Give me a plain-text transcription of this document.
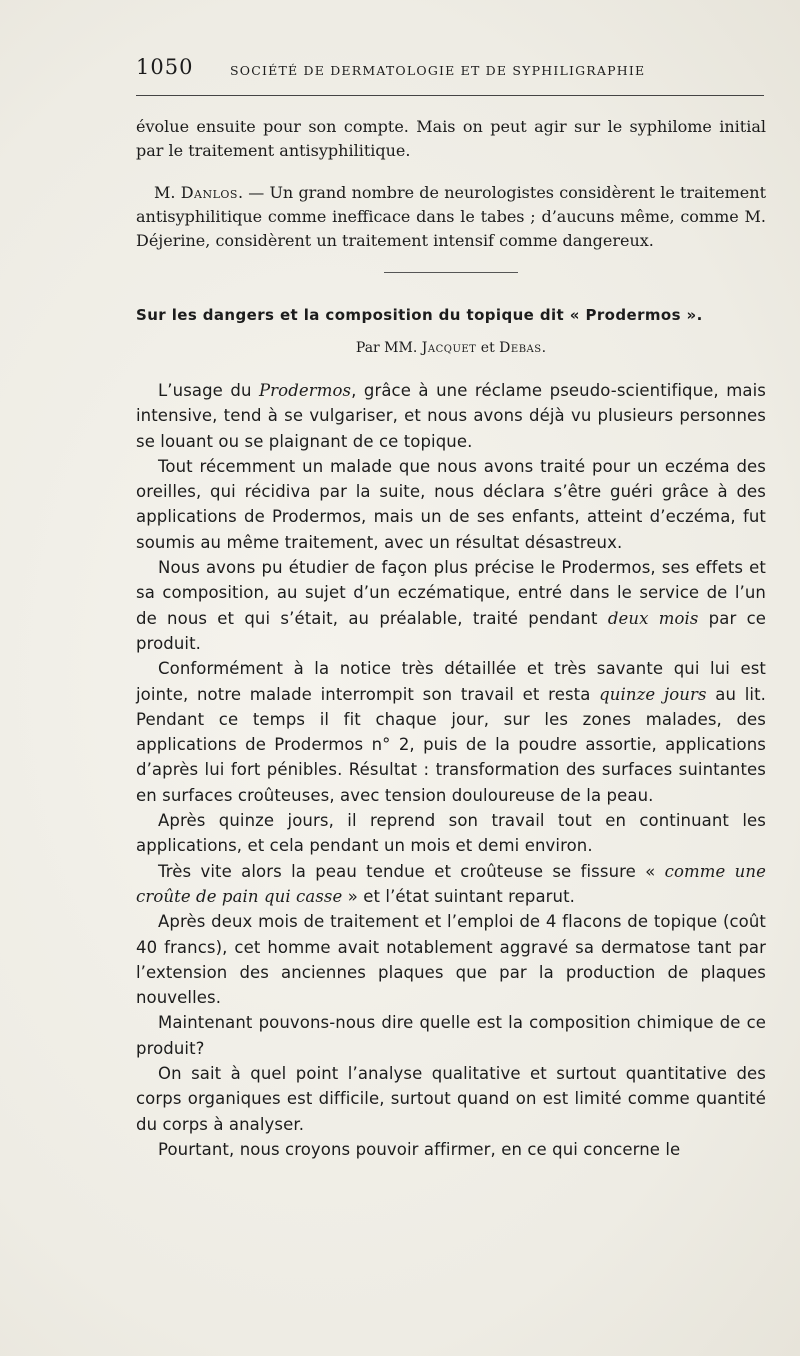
1050	SOCIÉTÉ DE DERMATOLOGIE ET DE SYPHILIGRAPHIE

évolue ensuite pour son compte. Mais on peut agir sur le syphilome initial par le traitement antisyphilitique.

M. Danlos. — Un grand nombre de neurologistes considèrent le traitement antisyphilitique comme inefficace dans le tabes ; d’aucuns même, comme M. Déjerine, considèrent un traitement intensif comme dangereux.

Sur les dangers et la composition du topique dit « Prodermos ».

Par MM. Jacquet et Debas.

L’usage du Prodermos, grâce à une réclame pseudo-scientifique, mais intensive, tend à se vulgariser, et nous avons déjà vu plusieurs personnes se louant ou se plaignant de ce topique.

Tout récemment un malade que nous avons traité pour un eczéma des oreilles, qui récidiva par la suite, nous déclara s’être guéri grâce à des applications de Prodermos, mais un de ses enfants, atteint d’eczéma, fut soumis au même traitement, avec un résultat désastreux.

Nous avons pu étudier de façon plus précise le Prodermos, ses effets et sa composition, au sujet d’un eczématique, entré dans le service de l’un de nous et qui s’était, au préalable, traité pendant deux mois par ce produit.

Conformément à la notice très détaillée et très savante qui lui est jointe, notre malade interrompit son travail et resta quinze jours au lit. Pendant ce temps il fit chaque jour, sur les zones malades, des applications de Prodermos n° 2, puis de la poudre assortie, applications d’après lui fort pénibles. Résultat : transformation des surfaces suintantes en surfaces croûteuses, avec tension douloureuse de la peau.

Après quinze jours, il reprend son travail tout en continuant les applications, et cela pendant un mois et demi environ.

Très vite alors la peau tendue et croûteuse se fissure « comme une croûte de pain qui casse » et l’état suintant reparut.

Après deux mois de traitement et l’emploi de 4 flacons de topique (coût 40 francs), cet homme avait notablement aggravé sa dermatose tant par l’extension des anciennes plaques que par la production de plaques nouvelles.

Maintenant pouvons-nous dire quelle est la composition chimique de ce produit?

On sait à quel point l’analyse qualitative et surtout quantitative des corps organiques est difficile, surtout quand on est limité comme quantité du corps à analyser.

Pourtant, nous croyons pouvoir affirmer, en ce qui concerne le
